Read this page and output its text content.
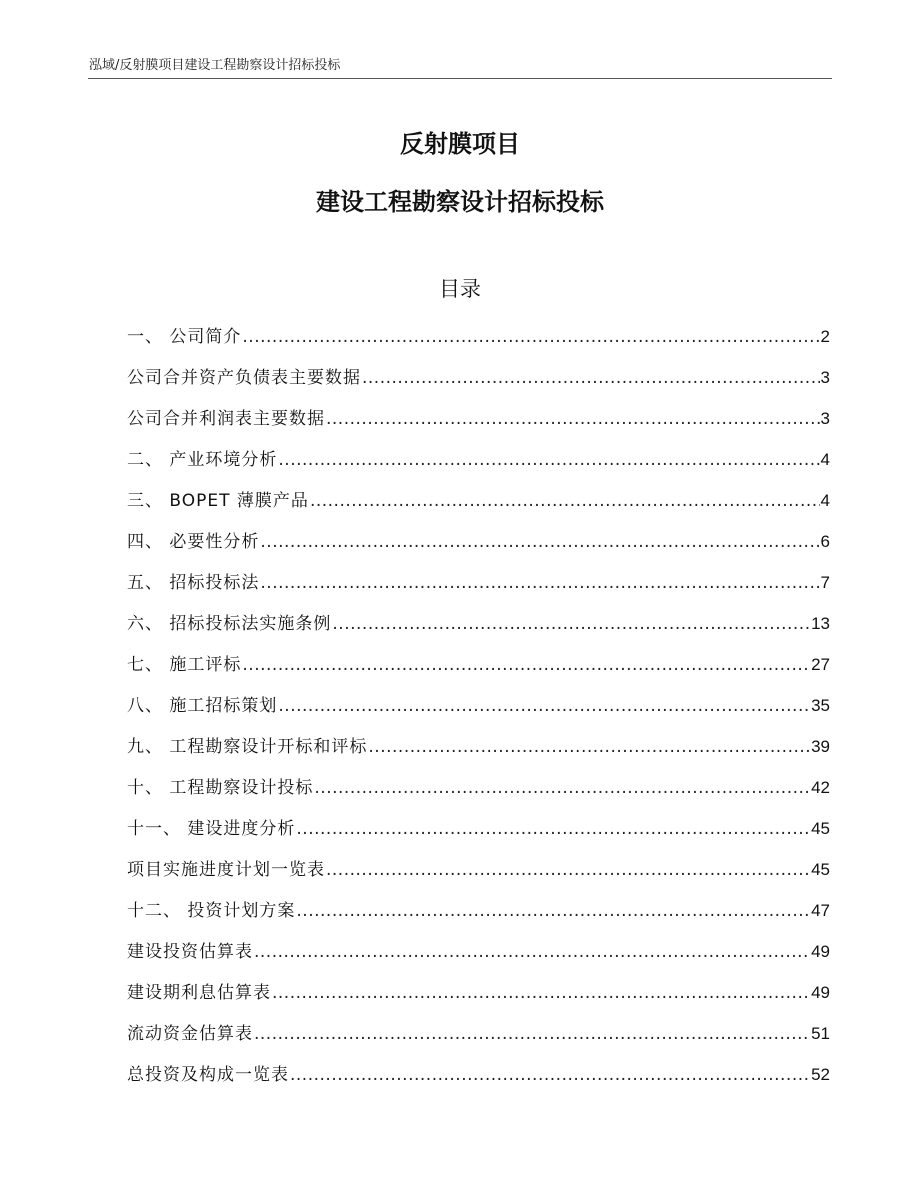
泓域/反射膜项目建设工程勘察设计招标投标
反射膜项目
建设工程勘察设计招标投标
目录
一、 公司简介 .....	2
公司合并资产负债表主要数据 .....	3
公司合并利润表主要数据 .....	3
二、 产业环境分析 .....	4
三、 BOPET 薄膜产品 .....	4
四、 必要性分析 .....	6
五、 招标投标法 .....	7
六、 招标投标法实施条例 .....	13
七、 施工评标 .....	27
八、 施工招标策划 .....	35
九、 工程勘察设计开标和评标 .....	39
十、 工程勘察设计投标 .....	42
十一、 建设进度分析 .....	45
项目实施进度计划一览表 .....	45
十二、 投资计划方案 .....	47
建设投资估算表 .....	49
建设期利息估算表 .....	49
流动资金估算表 .....	51
总投资及构成一览表 .....	52
